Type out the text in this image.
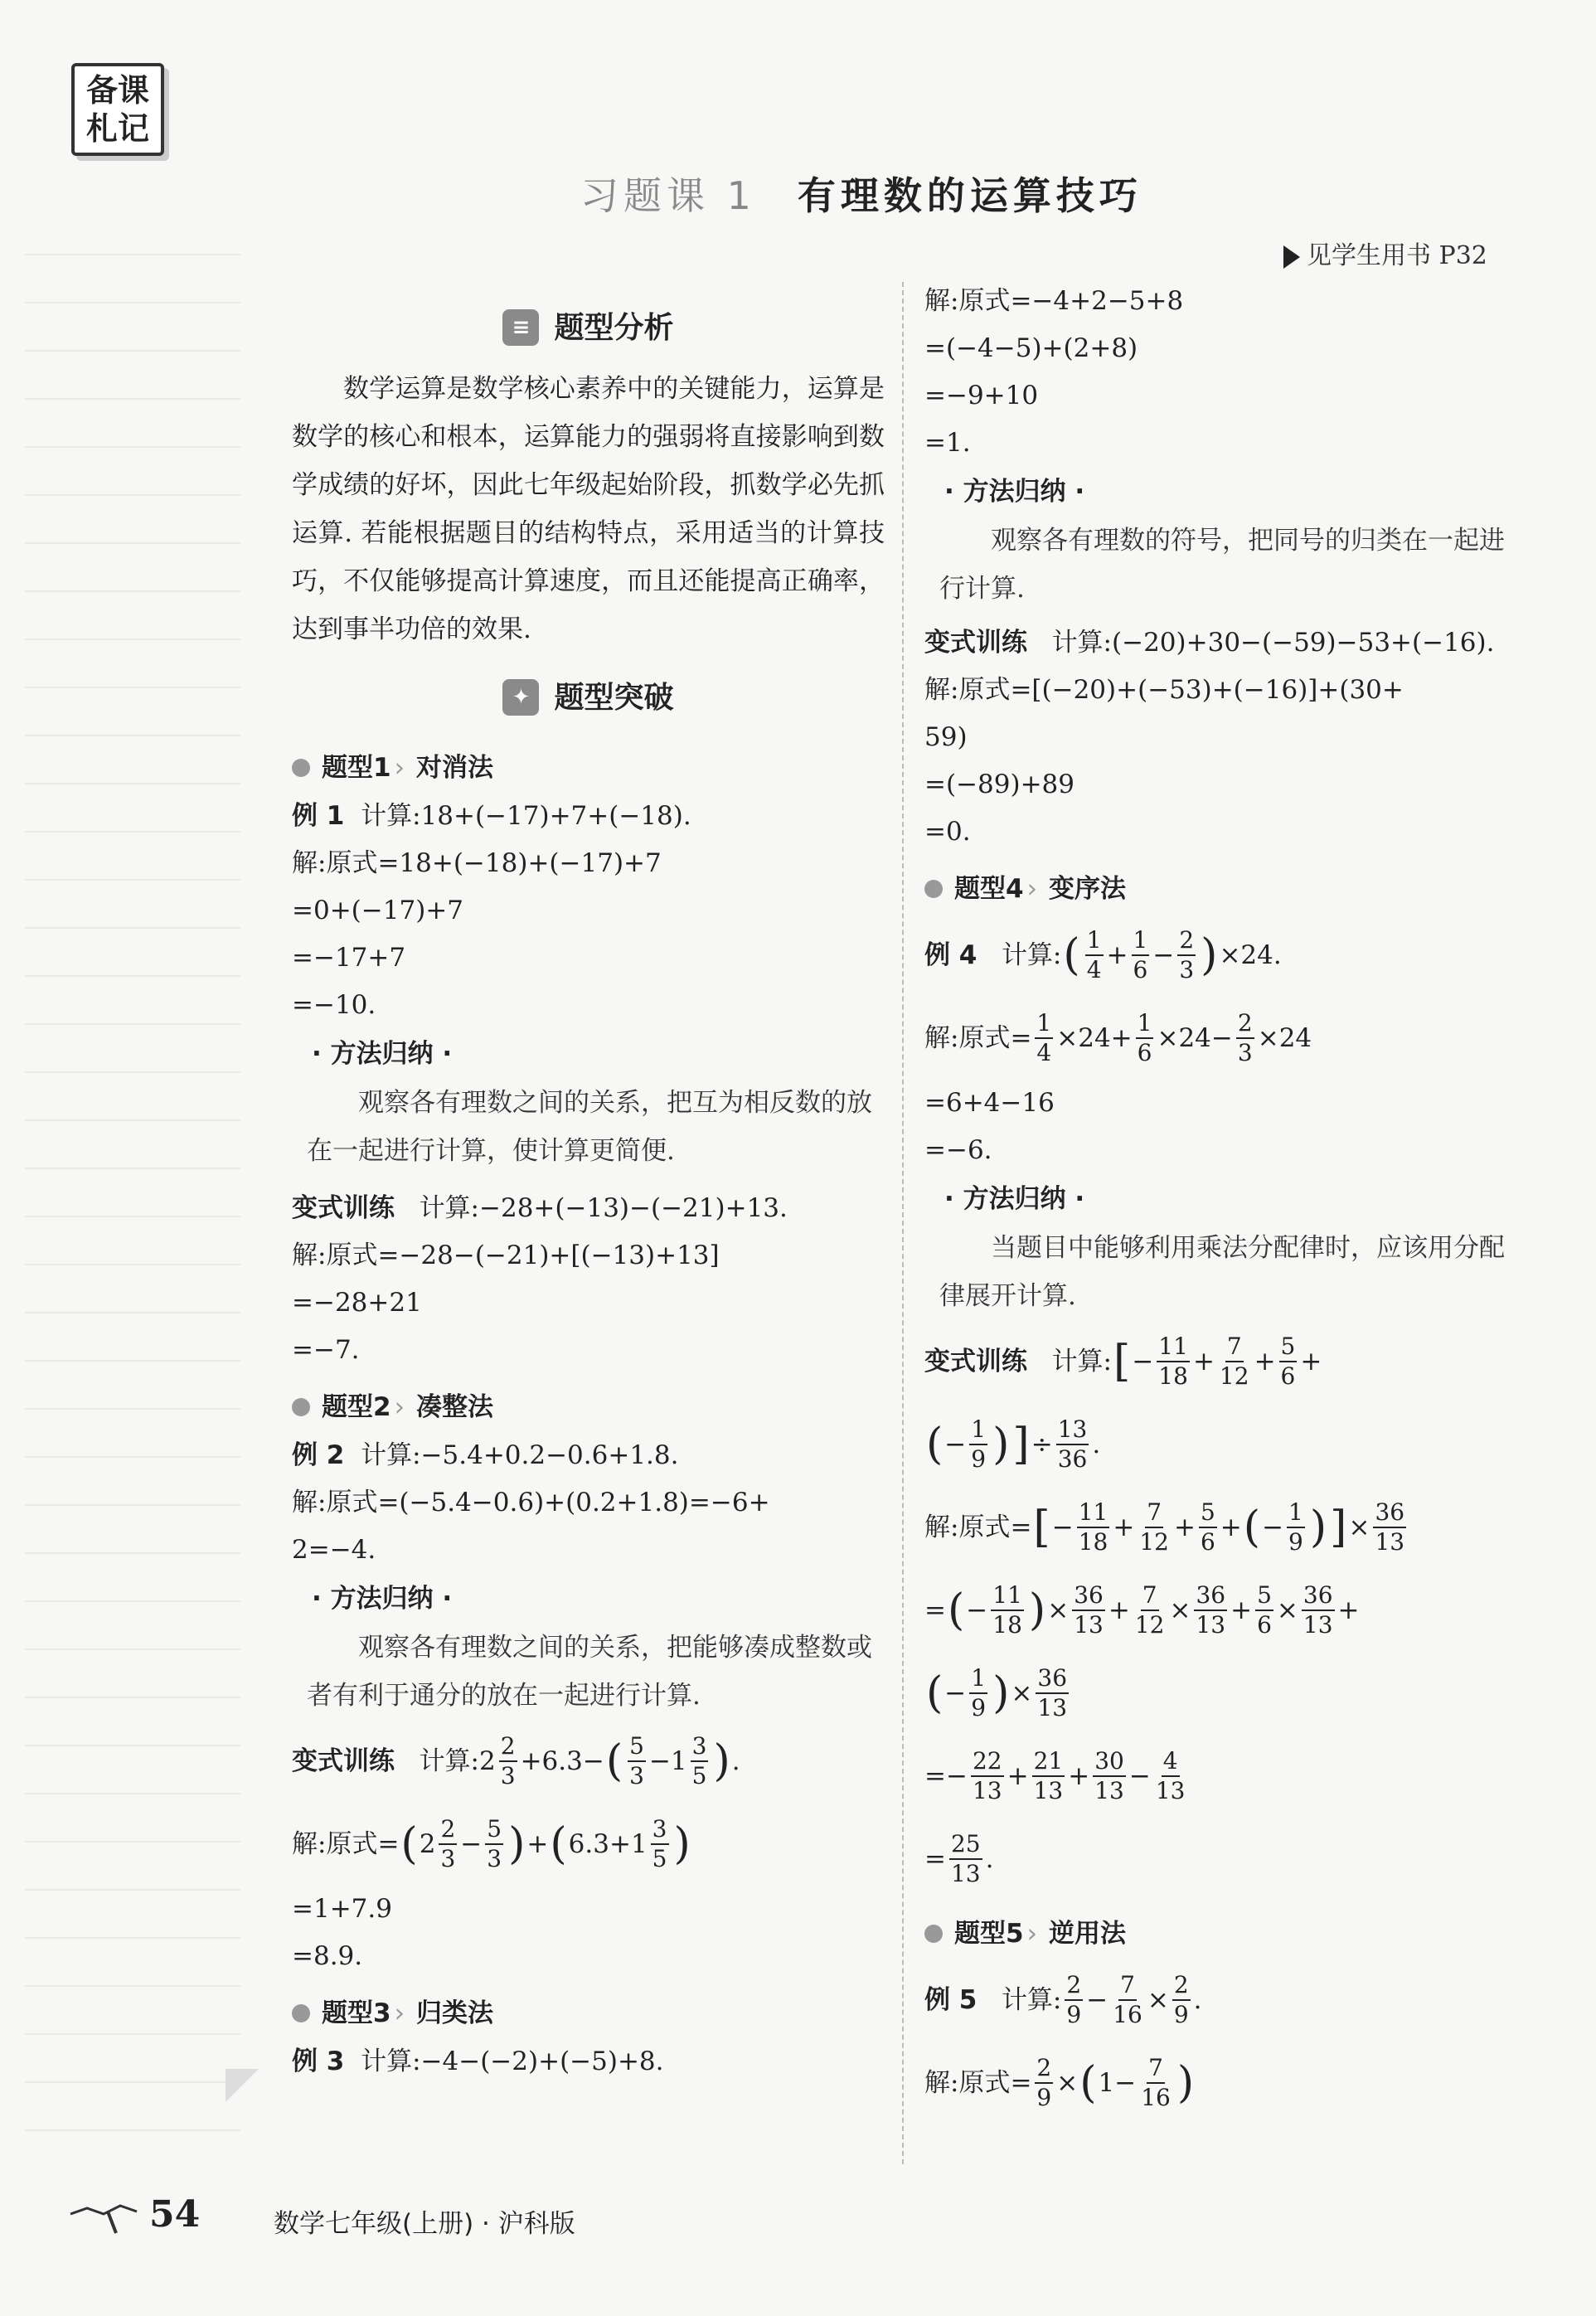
备课
札记
习题课 1 有理数的运算技巧
见学生用书 P32
≡ 题型分析
数学运算是数学核心素养中的关键能力，运算是数学的核心和根本，运算能力的强弱将直接影响到数学成绩的好坏，因此七年级起始阶段，抓数学必先抓运算. 若能根据题目的结构特点，采用适当的计算技巧，不仅能够提高计算速度，而且还能提高正确率，达到事半功倍的效果.
✦ 题型突破
题型1 › 对消法
例 1 计算:18+(−17)+7+(−18).
解:原式=18+(−18)+(−17)+7
=0+(−17)+7
=−17+7
=−10.
· 方法归纳 ·
观察各有理数之间的关系，把互为相反数的放在一起进行计算，使计算更简便.
变式训练 计算:−28+(−13)−(−21)+13.
解:原式=−28−(−21)+[(−13)+13]
=−28+21
=−7.
题型2 › 凑整法
例 2 计算:−5.4+0.2−0.6+1.8.
解:原式=(−5.4−0.6)+(0.2+1.8)=−6+
2=−4.
· 方法归纳 ·
观察各有理数之间的关系，把能够凑成整数或者有利于通分的放在一起进行计算.
变式训练
计算:2 $\frac{2}{3} +6.3-$ ( $\frac{5}{3} -1 \frac{3}{5}$ ) .
解:原式= ( $2 \frac{2}{3} - \frac{5}{3}$ ) + ( $6.3+1 \frac{3}{5}$ )
=1+7.9
=8.9.
题型3 › 归类法
例 3 计算:−4−(−2)+(−5)+8.
解:原式=−4+2−5+8
=(−4−5)+(2+8)
=−9+10
=1.
· 方法归纳 ·
观察各有理数的符号，把同号的归类在一起进行计算.
变式训练 计算:(−20)+30−(−59)−53+(−16).
解:原式=[(−20)+(−53)+(−16)]+(30+
59)
=(−89)+89
=0.
题型4 › 变序法
例 4
计算: ( $\frac{1}{4} + \frac{1}{6} - \frac{2}{3}$ ) ×24.
解:原式= $\frac{1}{4} \times 24+ \frac{1}{6} \times 24- \frac{2}{3} \times 24$
=6+4−16
=−6.
· 方法归纳 ·
当题目中能够利用乘法分配律时，应该用分配律展开计算.
变式训练
计算: [ − $\frac{11}{18} + \frac{7}{12} + \frac{5}{6}$ +
( − $\frac{1}{9}$ ) ] ÷ $\frac{13}{36}$ .
解:原式= [ − $\frac{11}{18} + \frac{7}{12} + \frac{5}{6}$ + ( − $\frac{1}{9}$ ) ] × $\frac{36}{13}$
= ( − $\frac{11}{18}$ ) × $\frac{36}{13} + \frac{7}{12} \times \frac{36}{13} + \frac{5}{6} \times \frac{36}{13}$ +
( − $\frac{1}{9}$ ) × $\frac{36}{13}$
=− $\frac{22}{13} + \frac{21}{13} + \frac{30}{13} - \frac{4}{13}$
= $\frac{25}{13}$ .
题型5 › 逆用法
例 5
计算: $\frac{2}{9} - \frac{7}{16} \times \frac{2}{9}$ .
解:原式= $\frac{2}{9}$ × ( $1- \frac{7}{16}$ )
54	数学七年级(上册) · 沪科版
